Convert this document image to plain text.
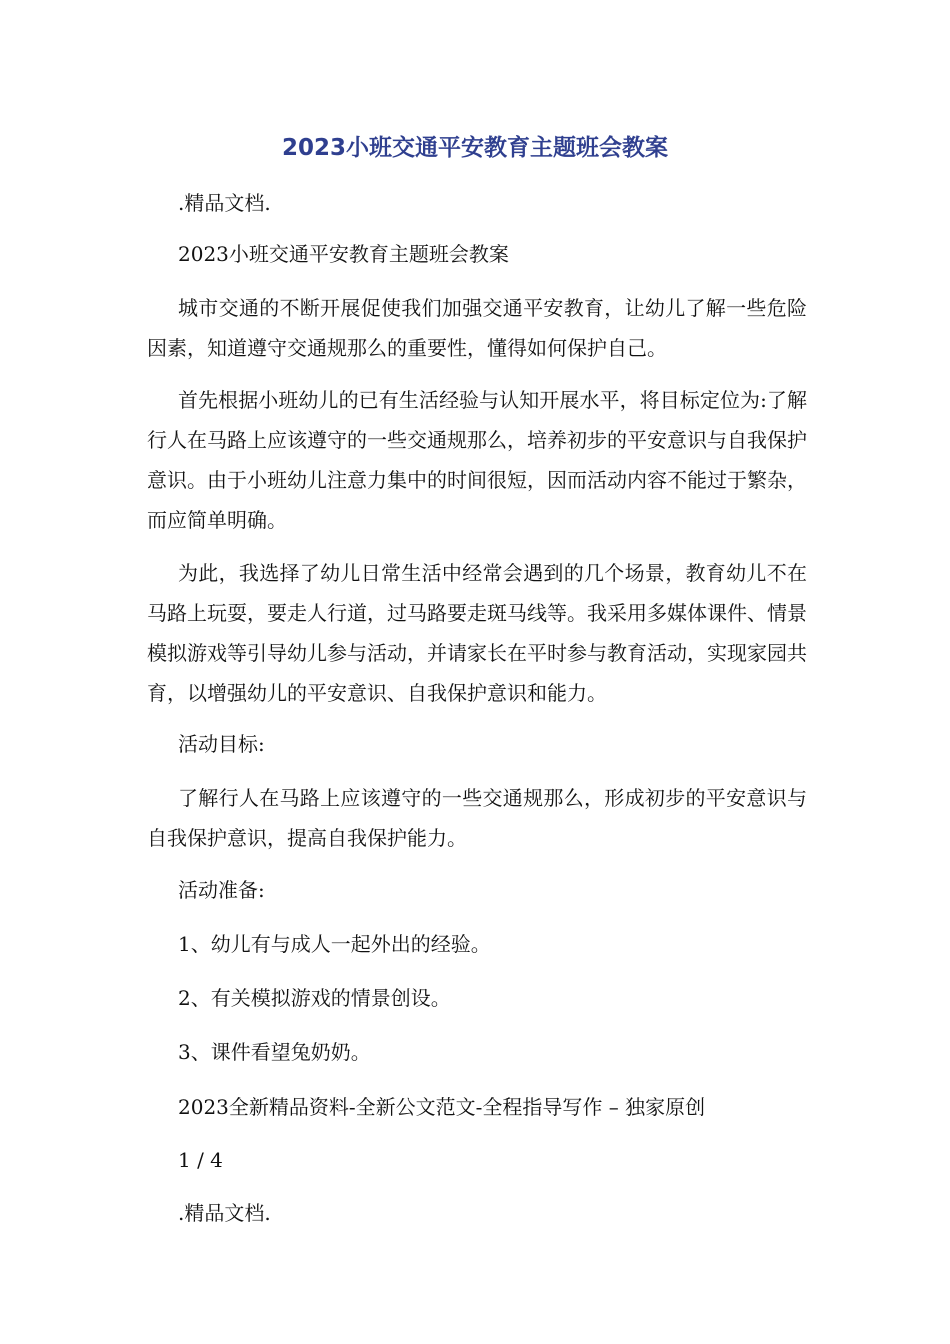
2023小班交通平安教育主题班会教案
.精品文档.
2023小班交通平安教育主题班会教案

城市交通的不断开展促使我们加强交通平安教育，让幼儿了解一些危险因素，知道遵守交通规那么的重要性，懂得如何保护自己。

首先根据小班幼儿的已有生活经验与认知开展水平，将目标定位为:了解行人在马路上应该遵守的一些交通规那么，培养初步的平安意识与自我保护意识。由于小班幼儿注意力集中的时间很短，因而活动内容不能过于繁杂，而应简单明确。

为此，我选择了幼儿日常生活中经常会遇到的几个场景，教育幼儿不在马路上玩耍，要走人行道，过马路要走斑马线等。我采用多媒体课件、情景模拟游戏等引导幼儿参与活动，并请家长在平时参与教育活动，实现家园共育，以增强幼儿的平安意识、自我保护意识和能力。

活动目标:

了解行人在马路上应该遵守的一些交通规那么，形成初步的平安意识与自我保护意识，提高自我保护能力。

活动准备:
1、幼儿有与成人一起外出的经验。
2、有关模拟游戏的情景创设。
3、课件看望兔奶奶。
2023全新精品资料-全新公文范文-全程指导写作 – 独家原创
1 / 4
.精品文档.
